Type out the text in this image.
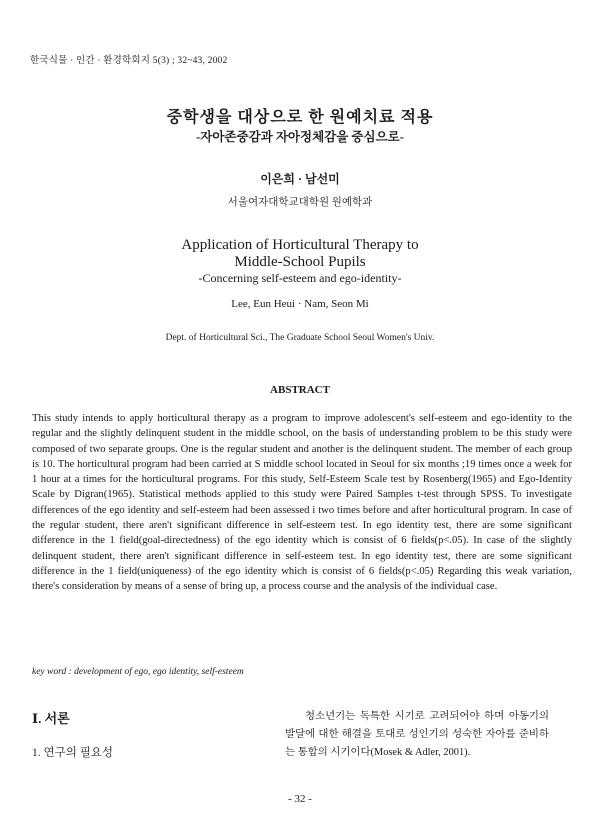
한국식물 · 인간 · 환경학회지 5(3) ; 32~43, 2002
중학생을 대상으로 한 원예치료 적용
-자아존중감과 자아정체감을 중심으로-
이은희 · 남선미
서울여자대학교대학원 원예학과
Application of Horticultural Therapy to
Middle-School Pupils
-Concerning self-esteem and ego-identity-
Lee, Eun Heui · Nam, Seon Mi
Dept. of Horticultural Sci., The Graduate School Seoul Women's Univ.
ABSTRACT
This study intends to apply horticultural therapy as a program to improve adolescent's self-esteem and ego-identity to the regular and the slightly delinquent student in the middle school, on the basis of understanding problem to be this study were composed of two separate groups. One is the regular student and another is the delinquent student. The member of each group is 10. The horticultural program had been carried at S middle school located in Seoul for six months ;19 times once a week for 1 hour at a times for the horticultural programs. For this study, Self-Esteem Scale test by Rosenberg(1965) and Ego-Identity Scale by Digran(1965). Statistical methods applied to this study were Paired Samples t-test through SPSS. To investigate differences of the ego identity and self-esteem had been assessed i two times before and after horticultural program. In case of the regular student, there aren't significant difference in self-esteem test. In ego identity test, there are some significant difference in the 1 field(goal-directedness) of the ego identity which is consist of 6 fields(p<.05). In case of the slightly delinquent student, there aren't significant difference in self-esteem test. In ego identity test, there are some significant difference in the 1 field(uniqueness) of the ego identity which is consist of 6 fields(p<.05) Regarding this weak variation, there's consideration by means of a sense of bring up, a process course and the analysis of the individual case.
key word : development of ego, ego identity, self-esteem
Ⅰ. 서론
1. 연구의 필요성
청소년기는 독특한 시기로 고려되어야 하며 아동기의 발달에 대한 해결을 토대로 성인기의 성숙한 자아를 준비하는 통합의 시기이다(Mosek & Adler, 2001).
- 32 -
